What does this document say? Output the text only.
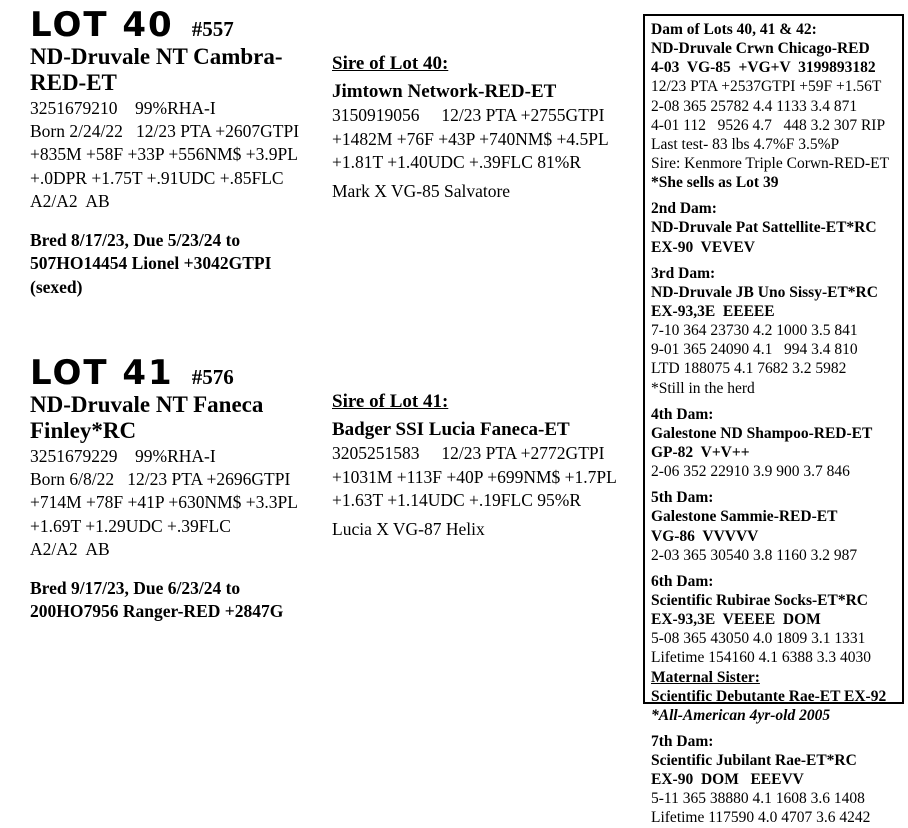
LOT 40 #557
ND-Druvale NT Cambra-RED-ET
3251679210    99%RHA-I
Born 2/24/22   12/23 PTA +2607GTPI
+835M +58F +33P +556NM$ +3.9PL
+.0DPR +1.75T +.91UDC +.85FLC
A2/A2  AB
Bred 8/17/23, Due 5/23/24 to
507HO14454 Lionel +3042GTPI
(sexed)
Sire of Lot 40:
Jimtown Network-RED-ET
3150919056     12/23 PTA +2755GTPI
+1482M +76F +43P +740NM$ +4.5PL
+1.81T +1.40UDC +.39FLC 81%R
Mark X VG-85 Salvatore
LOT 41 #576
ND-Druvale NT Faneca Finley*RC
3251679229    99%RHA-I
Born 6/8/22   12/23 PTA +2696GTPI
+714M +78F +41P +630NM$ +3.3PL
+1.69T +1.29UDC +.39FLC
A2/A2  AB
Bred 9/17/23, Due 6/23/24 to
200HO7956 Ranger-RED +2847G
Sire of Lot 41:
Badger SSI Lucia Faneca-ET
3205251583     12/23 PTA +2772GTPI
+1031M +113F +40P +699NM$ +1.7PL
+1.63T +1.14UDC +.19FLC 95%R
Lucia X VG-87 Helix
Dam of Lots 40, 41 & 42:
ND-Druvale Crwn Chicago-RED
4-03  VG-85  +VG+V  3199893182
12/23 PTA +2537GTPI +59F +1.56T
2-08 365 25782 4.4 1133 3.4 871
4-01 112   9526 4.7   448 3.2 307 RIP
Last test- 83 lbs 4.7%F 3.5%P
Sire: Kenmore Triple Corwn-RED-ET
*She sells as Lot 39
2nd Dam:
ND-Druvale Pat Sattellite-ET*RC
EX-90  VEVEV
3rd Dam:
ND-Druvale JB Uno Sissy-ET*RC
EX-93,3E  EEEEE
7-10 364 23730 4.2 1000 3.5 841
9-01 365 24090 4.1   994 3.4 810
LTD 188075 4.1 7682 3.2 5982
*Still in the herd
4th Dam:
Galestone ND Shampoo-RED-ET
GP-82  V+V++
2-06 352 22910 3.9 900 3.7 846
5th Dam:
Galestone Sammie-RED-ET
VG-86  VVVVV
2-03 365 30540 3.8 1160 3.2 987
6th Dam:
Scientific Rubirae Socks-ET*RC
EX-93,3E  VEEEE  DOM
5-08 365 43050 4.0 1809 3.1 1331
Lifetime 154160 4.1 6388 3.3 4030
Maternal Sister:
Scientific Debutante Rae-ET EX-92
*All-American 4yr-old 2005
7th Dam:
Scientific Jubilant Rae-ET*RC
EX-90  DOM   EEEVV
5-11 365 38880 4.1 1608 3.6 1408
Lifetime 117590 4.0 4707 3.6 4242
